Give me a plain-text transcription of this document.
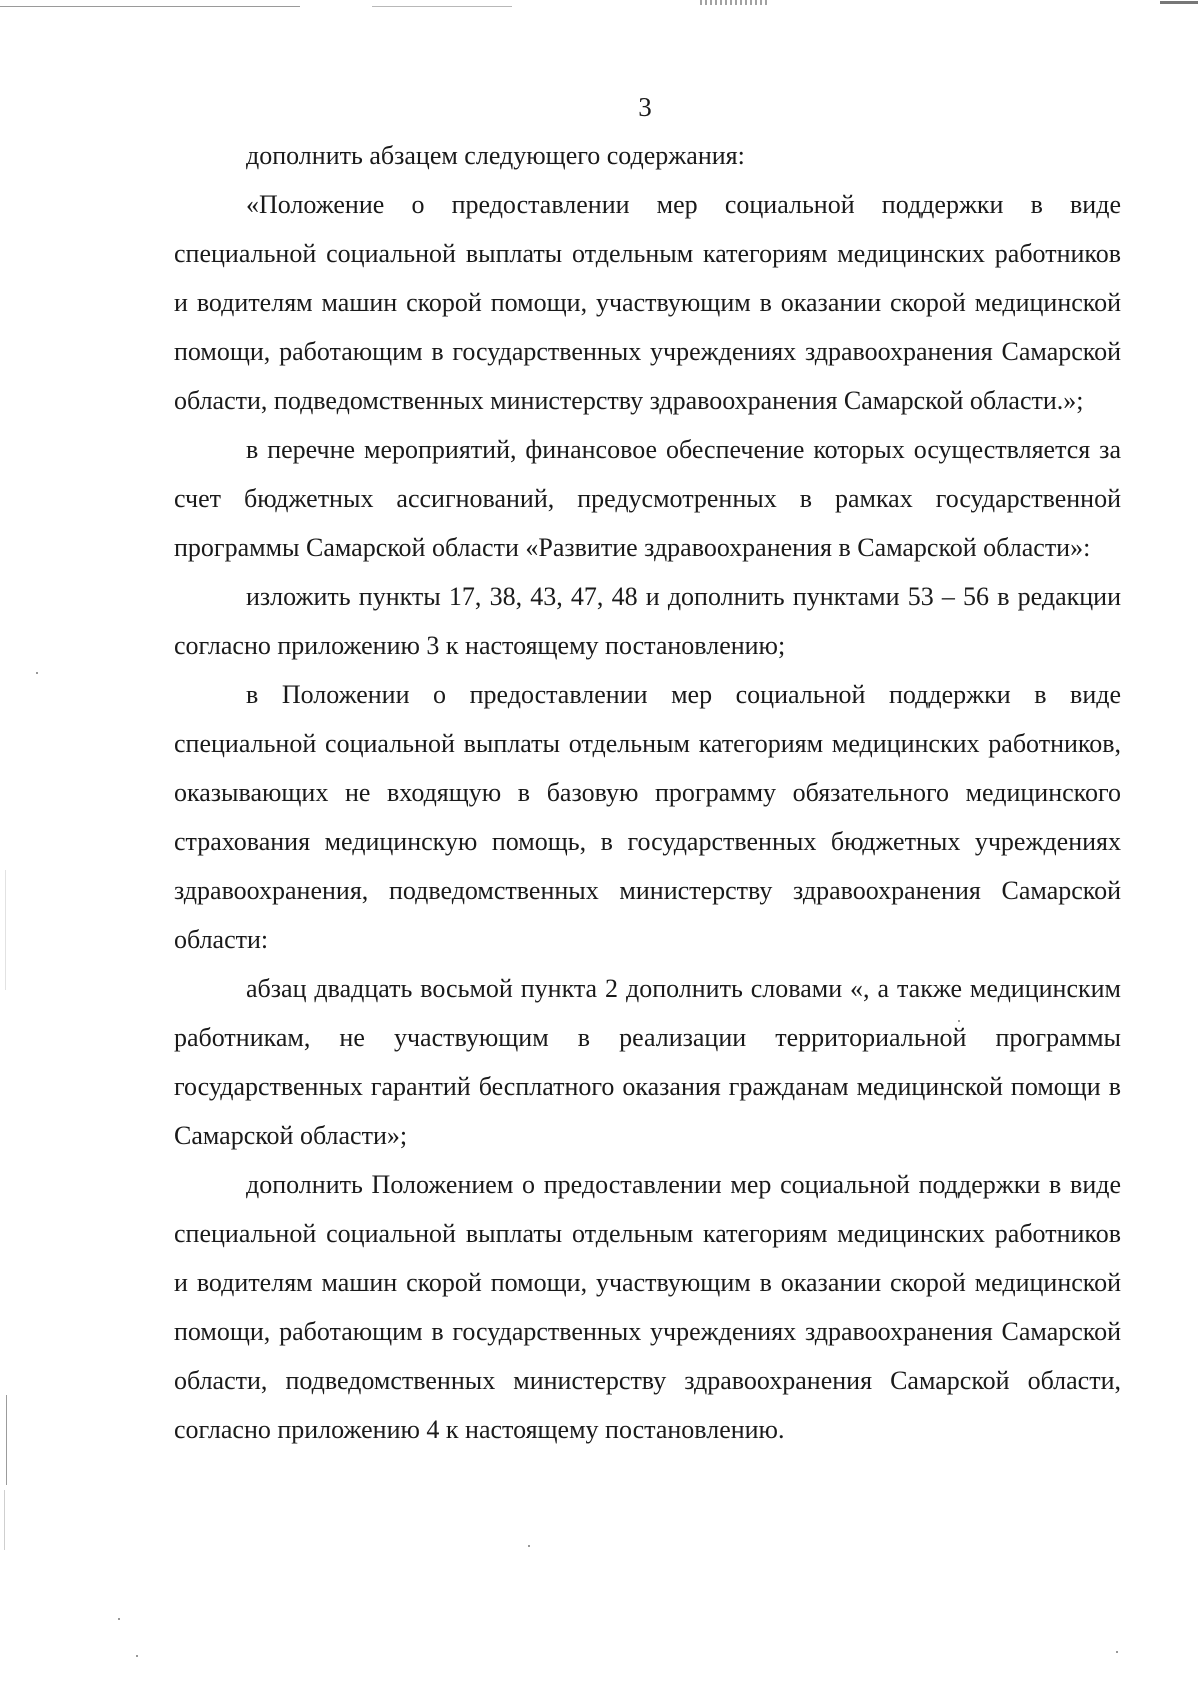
3

дополнить абзацем следующего содержания:

«Положение о предоставлении мер социальной поддержки в виде специальной социальной выплаты отдельным категориям медицинских работников и водителям машин скорой помощи, участвующим в оказании скорой медицинской помощи, работающим в государственных учреждениях здравоохранения Самарской области, подведомственных министерству здравоохранения Самарской области.»;

в перечне мероприятий, финансовое обеспечение которых осуществляется за счет бюджетных ассигнований, предусмотренных в рамках государственной программы Самарской области «Развитие здравоохранения в Самарской области»:

изложить пункты 17, 38, 43, 47, 48 и дополнить пунктами 53 – 56 в редакции согласно приложению 3 к настоящему постановлению;

в Положении о предоставлении мер социальной поддержки в виде специальной социальной выплаты отдельным категориям медицинских работников, оказывающих не входящую в базовую программу обязательного медицинского страхования медицинскую помощь, в государственных бюджетных учреждениях здравоохранения, подведомственных министерству здравоохранения Самарской области:

абзац двадцать восьмой пункта 2 дополнить словами «, а также медицинским работникам, не участвующим в реализации территориальной программы государственных гарантий бесплатного оказания гражданам медицинской помощи в Самарской области»;

дополнить Положением о предоставлении мер социальной поддержки в виде специальной социальной выплаты отдельным категориям медицинских работников и водителям машин скорой помощи, участвующим в оказании скорой медицинской помощи, работающим в государственных учреждениях здравоохранения Самарской области, подведомственных министерству здравоохранения Самарской области, согласно приложению 4 к настоящему постановлению.
